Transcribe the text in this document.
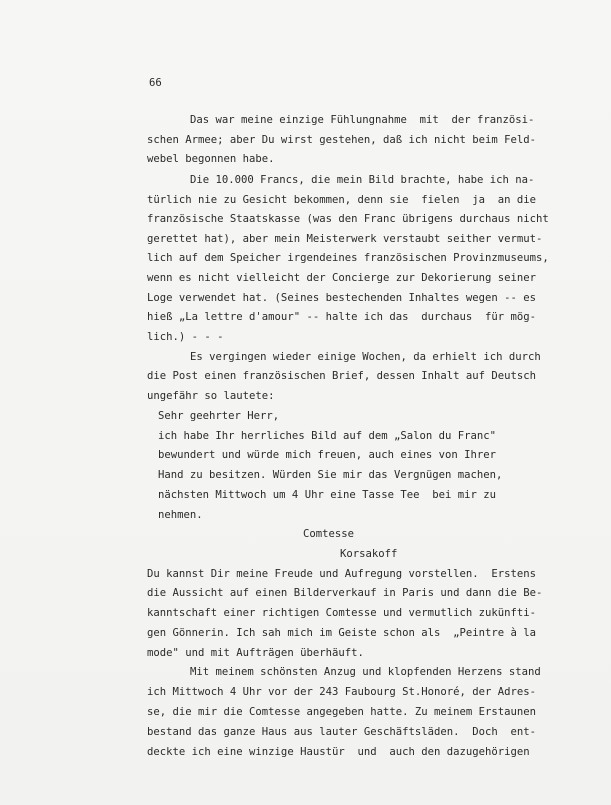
66
Das war meine einzige Fühlungnahme  mit  der französi-
schen Armee; aber Du wirst gestehen, daß ich nicht beim Feld-
webel begonnen habe.
Die 10.000 Francs, die mein Bild brachte, habe ich na-
türlich nie zu Gesicht bekommen, denn sie  fielen  ja  an die
französische Staatskasse (was den Franc übrigens durchaus nicht
gerettet hat), aber mein Meisterwerk verstaubt seither vermut-
lich auf dem Speicher irgendeines französischen Provinzmuseums,
wenn es nicht vielleicht der Concierge zur Dekorierung seiner
Loge verwendet hat. (Seines bestechenden Inhaltes wegen -- es
hieß „La lettre d'amour" -- halte ich das  durchaus  für mög-
lich.) - - -
Es vergingen wieder einige Wochen, da erhielt ich durch
die Post einen französischen Brief, dessen Inhalt auf Deutsch
ungefähr so lautete:
Sehr geehrter Herr,
ich habe Ihr herrliches Bild auf dem „Salon du Franc"
bewundert und würde mich freuen, auch eines von Ihrer
Hand zu besitzen. Würden Sie mir das Vergnügen machen,
nächsten Mittwoch um 4 Uhr eine Tasse Tee  bei mir zu
nehmen.
Comtesse
Korsakoff
Du kannst Dir meine Freude und Aufregung vorstellen.  Erstens
die Aussicht auf einen Bilderverkauf in Paris und dann die Be-
kanntschaft einer richtigen Comtesse und vermutlich zukünfti-
gen Gönnerin. Ich sah mich im Geiste schon als  „Peintre à la
mode" und mit Aufträgen überhäuft.
Mit meinem schönsten Anzug und klopfenden Herzens stand
ich Mittwoch 4 Uhr vor der 243 Faubourg St.Honoré, der Adres-
se, die mir die Comtesse angegeben hatte. Zu meinem Erstaunen
bestand das ganze Haus aus lauter Geschäftsläden.  Doch  ent-
deckte ich eine winzige Haustür  und  auch den dazugehörigen
